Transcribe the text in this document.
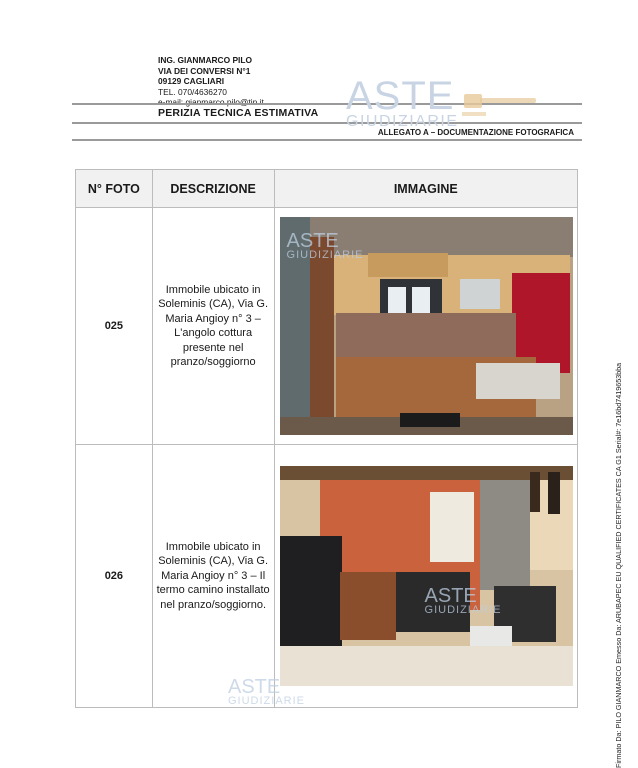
ING. GIANMARCO PILO
VIA DEI CONVERSI N°1
09129 CAGLIARI
TEL. 070/4636270
PERIZIA TECNICA ESTIMATIVA
ALLEGATO A – DOCUMENTAZIONE FOTOGRAFICA
ASTE
GIUDIZIARIE
N° FOTO	DESCRIZIONE	IMMAGINE
025	Immobile ubicato in Soleminis (CA), Via G. Maria Angioy n° 3 – L'angolo cottura presente nel pranzo/soggiorno	ASTE
GIUDIZIARIE

026	Immobile ubicato in Soleminis (CA), Via G. Maria Angioy n° 3 – Il termo camino installato nel pranzo/soggiorno.	ASTE
GIUDIZIARIE
ASTE
GIUDIZIARIE	Firmato Da: PILO GIANMARCO Emesso Da: ARUBAPEC EU QUALIFIED CERTIFICATES CA G1 Serial#: 7e16bd7419653bba
